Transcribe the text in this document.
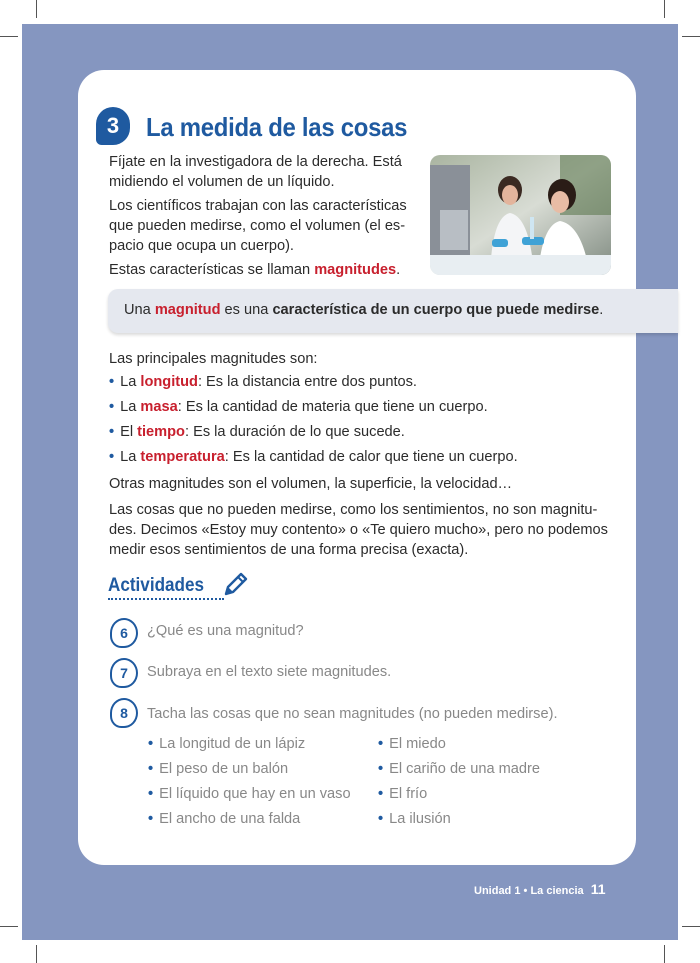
3 La medida de las cosas

Fíjate en la investigadora de la derecha. Está
midiendo el volumen de un líquido.

Los científicos trabajan con las características
que pueden medirse, como el volumen (el es-
pacio que ocupa un cuerpo).

Estas características se llaman magnitudes.

Una magnitud es una característica de un cuerpo que puede medirse.
Las principales magnitudes son:
• La longitud: Es la distancia entre dos puntos.
• La masa: Es la cantidad de materia que tiene un cuerpo.
• El tiempo: Es la duración de lo que sucede.
• La temperatura: Es la cantidad de calor que tiene un cuerpo.
Otras magnitudes son el volumen, la superficie, la velocidad…

Las cosas que no pueden medirse, como los sentimientos, no son magnitu-
des. Decimos «Estoy muy contento» o «Te quiero mucho», pero no podemos
medir esos sentimientos de una forma precisa (exacta).

Actividades
6 ¿Qué es una magnitud?
7 Subraya en el texto siete magnitudes.
8 Tacha las cosas que no sean magnitudes (no pueden medirse).
• La longitud de un lápiz
• El peso de un balón
• El líquido que hay en un vaso
• El ancho de una falda
• El miedo
• El cariño de una madre
• El frío
• La ilusión
Unidad 1 • La ciencia 11
